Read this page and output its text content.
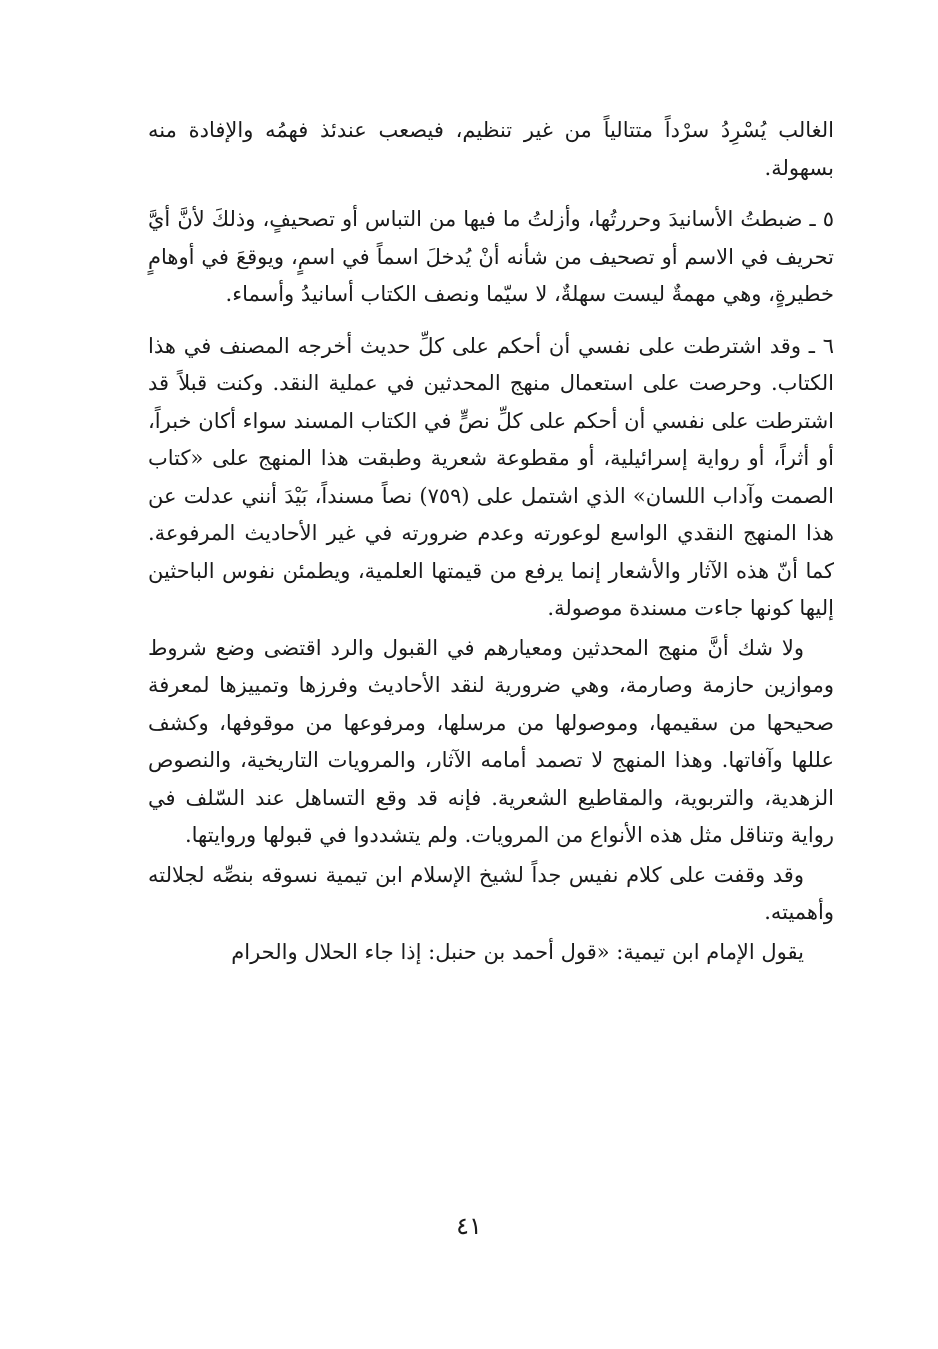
الغالب يُسْرِدُ سرْداً متتالياً من غير تنظيم، فيصعب عندئذ فهمُه والإفادة منه بسهولة.

٥ ـ ضبطتُ الأسانيدَ وحررتُها، وأزلتُ ما فيها من التباس أو تصحيفٍ، وذلكَ لأنَّ أيَّ تحريف في الاسم أو تصحيف من شأنه أنْ يُدخلَ اسماً في اسمٍ، ويوقعَ في أوهامٍ خطيرةٍ، وهي مهمةٌ ليست سهلةٌ، لا سيّما ونصف الكتاب أسانيدُ وأسماء.

٦ ـ وقد اشترطت على نفسي أن أحكم على كلِّ حديث أخرجه المصنف في هذا الكتاب. وحرصت على استعمال منهج المحدثين في عملية النقد. وكنت قبلاً قد اشترطت على نفسي أن أحكم على كلِّ نصٍّ في الكتاب المسند سواء أكان خبراً، أو أثراً، أو رواية إسرائيلية، أو مقطوعة شعرية وطبقت هذا المنهج على «كتاب الصمت وآداب اللسان» الذي اشتمل على (٧٥٩) نصاً مسنداً، بَيْدَ أنني عدلت عن هذا المنهج النقدي الواسع لوعورته وعدم ضرورته في غير الأحاديث المرفوعة. كما أنّ هذه الآثار والأشعار إنما يرفع من قيمتها العلمية، ويطمئن نفوس الباحثين إليها كونها جاءت مسندة موصولة.

ولا شك أنَّ منهج المحدثين ومعيارهم في القبول والرد اقتضى وضع شروط وموازين حازمة وصارمة، وهي ضرورية لنقد الأحاديث وفرزها وتمييزها لمعرفة صحيحها من سقيمها، وموصولها من مرسلها، ومرفوعها من موقوفها، وكشف عللها وآفاتها. وهذا المنهج لا تصمد أمامه الآثار، والمرويات التاريخية، والنصوص الزهدية، والتربوية، والمقاطيع الشعرية. فإنه قد وقع التساهل عند السّلف في رواية وتناقل مثل هذه الأنواع من المرويات. ولم يتشددوا في قبولها وروايتها.

وقد وقفت على كلام نفيس جداً لشيخ الإسلام ابن تيمية نسوقه بنصِّه لجلالته وأهميته.

يقول الإمام ابن تيمية: «قول أحمد بن حنبل: إذا جاء الحلال والحرام

٤١
